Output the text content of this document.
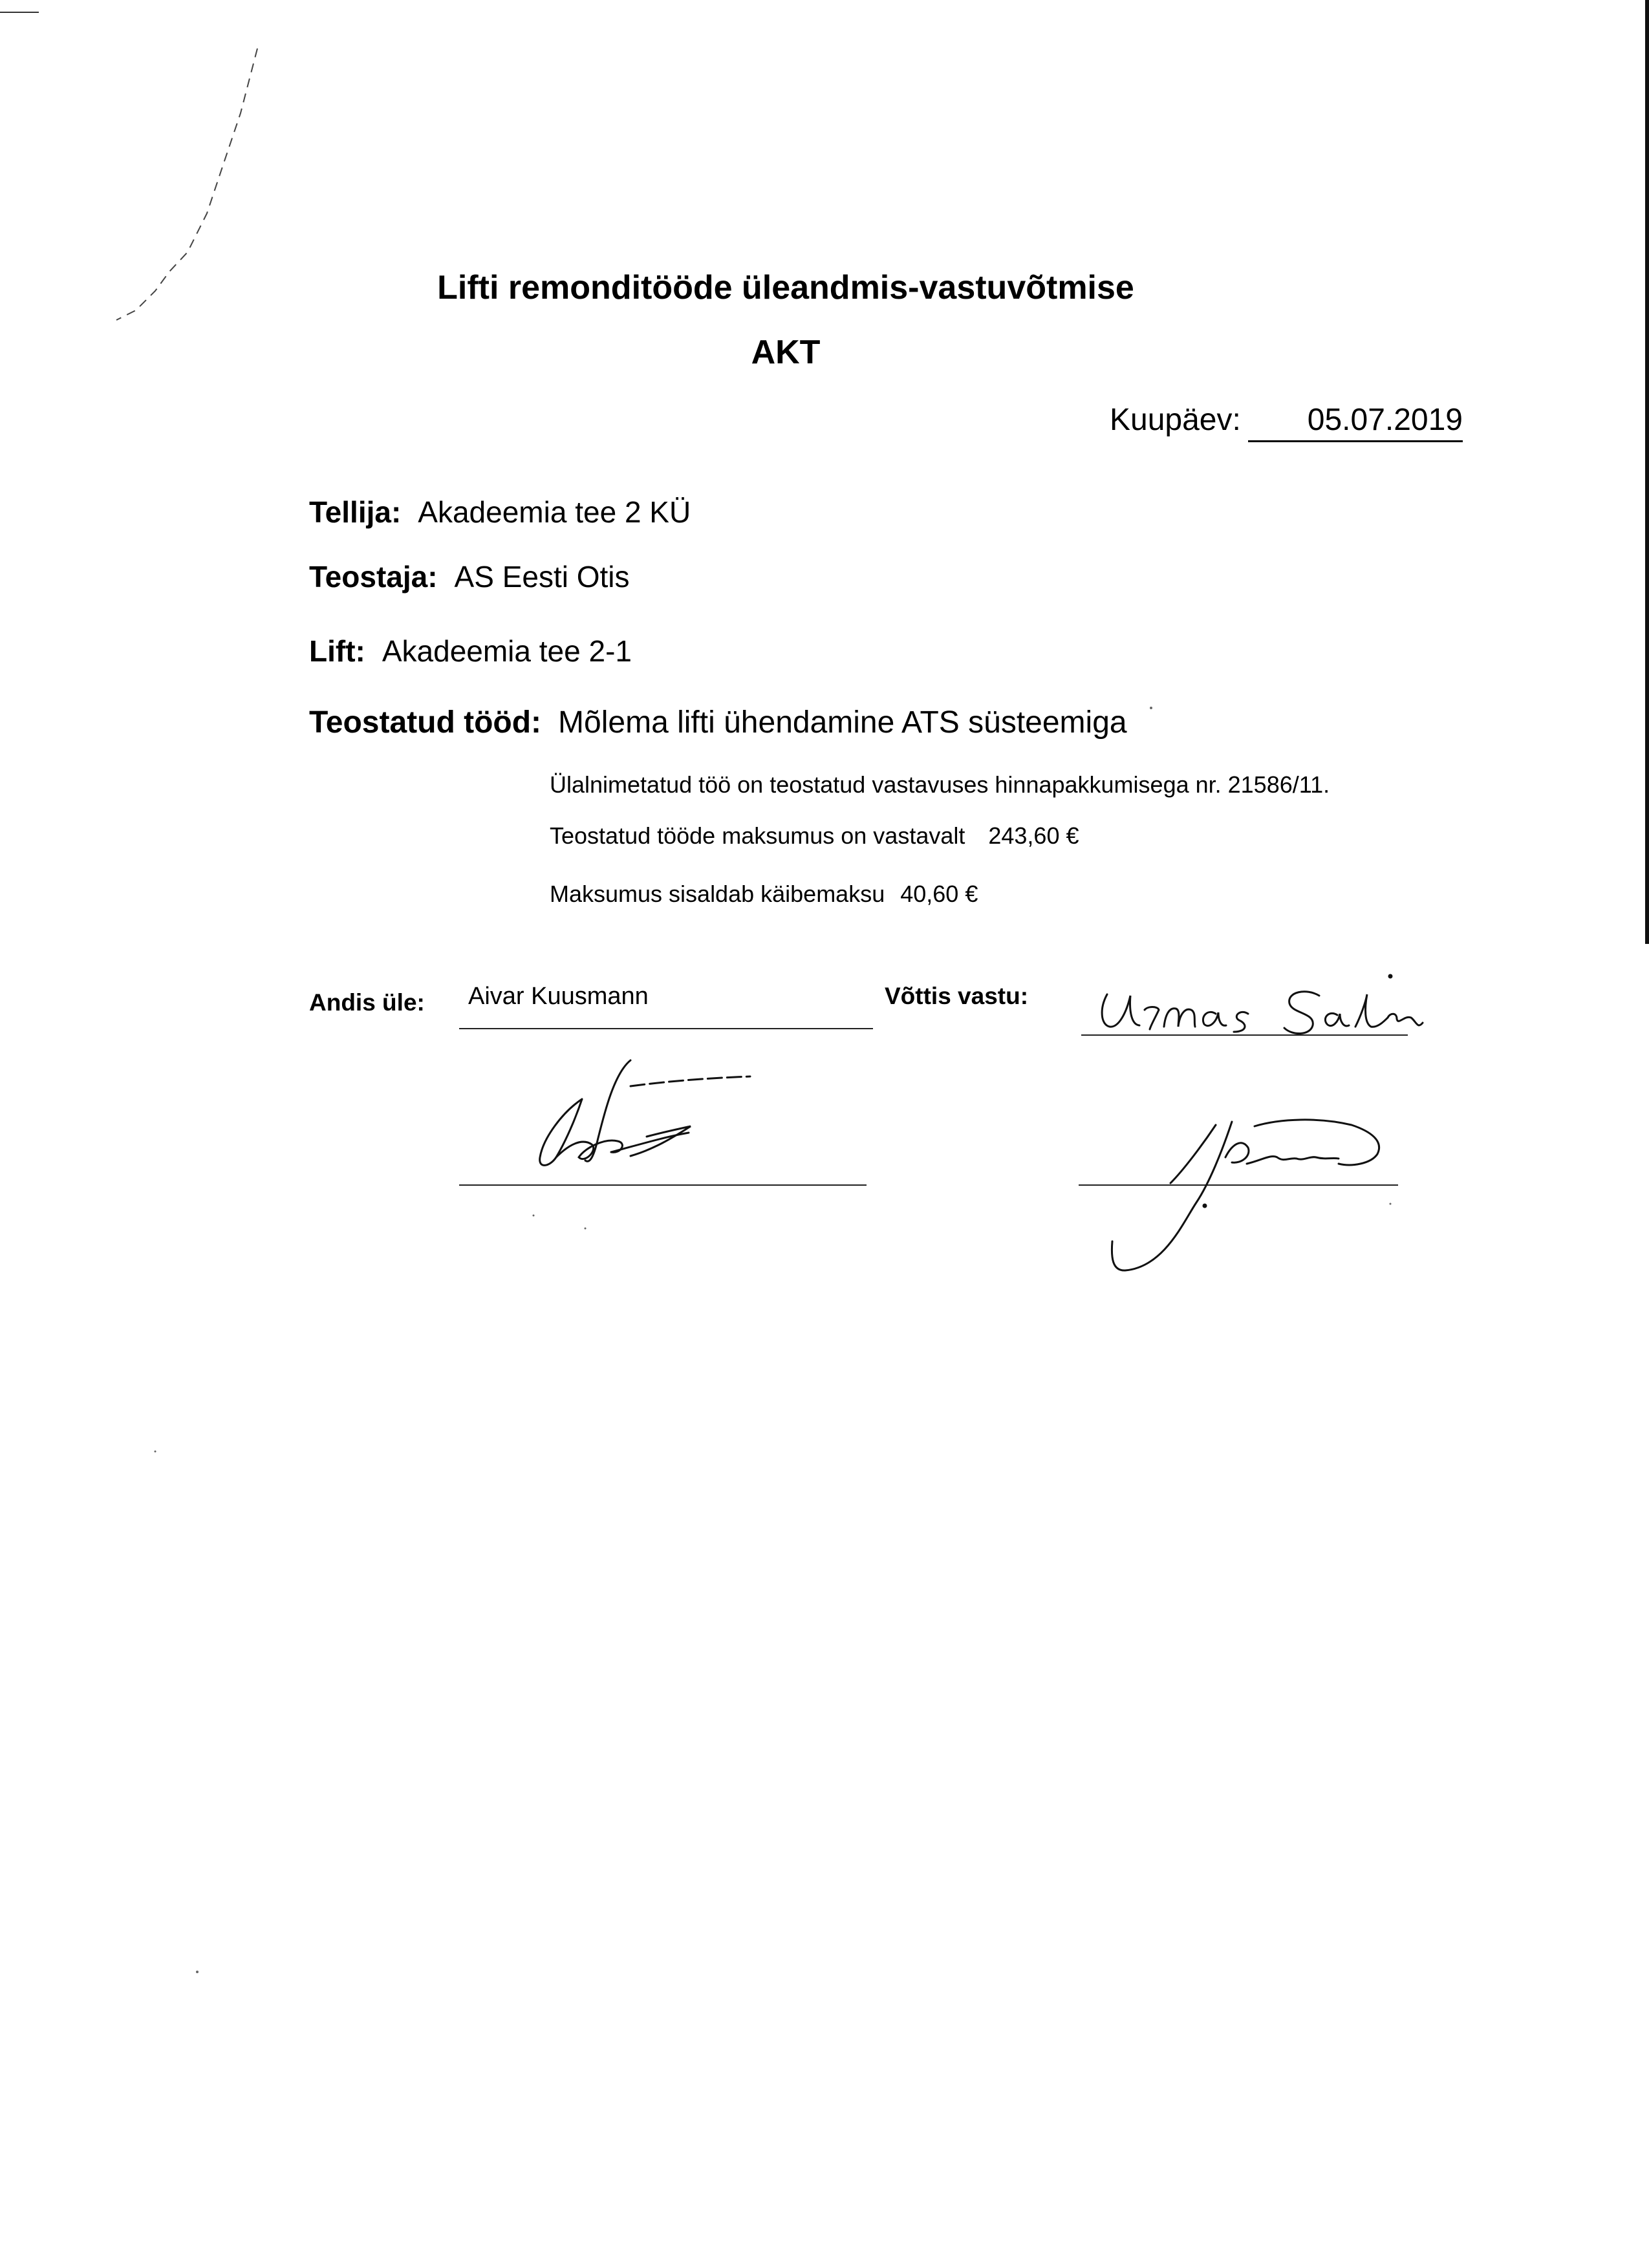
Lifti remonditööde üleandmis-vastuvõtmise
AKT
Kuupäev:	05.07.2019
Tellija: Akadeemia tee 2 KÜ
Teostaja: AS Eesti Otis
Lift: Akadeemia tee 2-1
Teostatud tööd: Mõlema lifti ühendamine ATS süsteemiga
Ülalnimetatud töö on teostatud vastavuses hinnapakkumisega nr. 21586/11.
Teostatud tööde maksumus on vastavalt 243,60 €
Maksumus sisaldab käibemaksu 40,60 €
Andis üle: Aivar Kuusmann	Võttis vastu:
